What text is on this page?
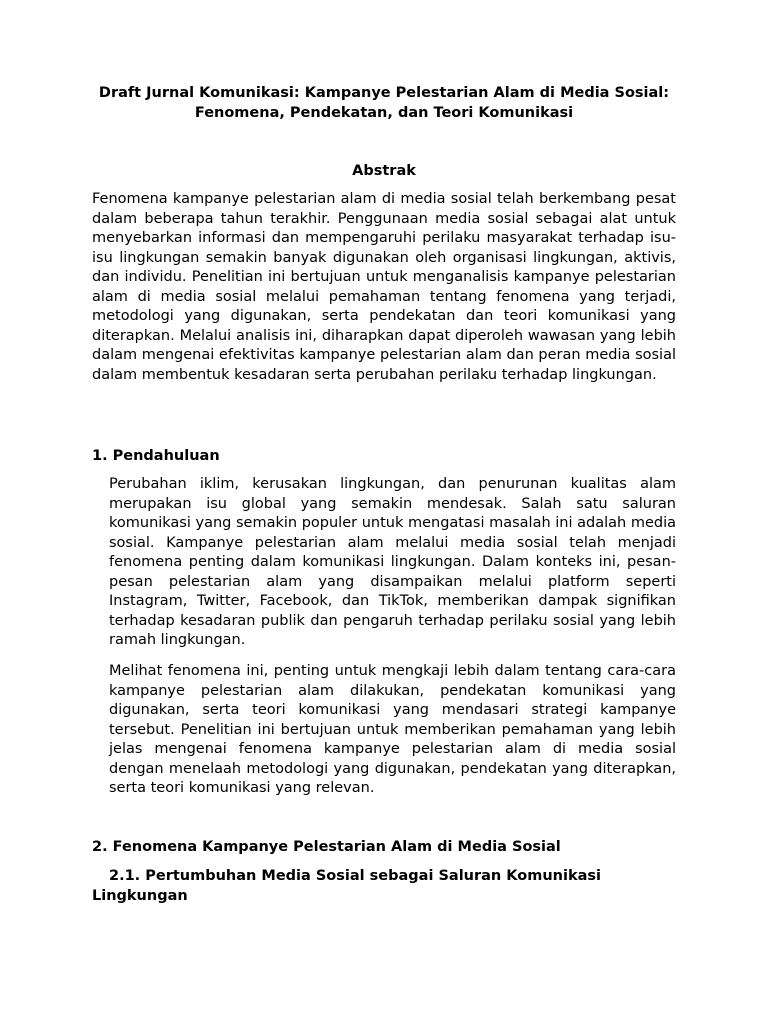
Draft Jurnal Komunikasi: Kampanye Pelestarian Alam di Media Sosial: Fenomena, Pendekatan, dan Teori Komunikasi
Abstrak

Fenomena kampanye pelestarian alam di media sosial telah berkembang pesat dalam beberapa tahun terakhir. Penggunaan media sosial sebagai alat untuk menyebarkan informasi dan mempengaruhi perilaku masyarakat terhadap isu-isu lingkungan semakin banyak digunakan oleh organisasi lingkungan, aktivis, dan individu. Penelitian ini bertujuan untuk menganalisis kampanye pelestarian alam di media sosial melalui pemahaman tentang fenomena yang terjadi, metodologi yang digunakan, serta pendekatan dan teori komunikasi yang diterapkan. Melalui analisis ini, diharapkan dapat diperoleh wawasan yang lebih dalam mengenai efektivitas kampanye pelestarian alam dan peran media sosial dalam membentuk kesadaran serta perubahan perilaku terhadap lingkungan.

1. Pendahuluan

Perubahan iklim, kerusakan lingkungan, dan penurunan kualitas alam merupakan isu global yang semakin mendesak. Salah satu saluran komunikasi yang semakin populer untuk mengatasi masalah ini adalah media sosial. Kampanye pelestarian alam melalui media sosial telah menjadi fenomena penting dalam komunikasi lingkungan. Dalam konteks ini, pesan-pesan pelestarian alam yang disampaikan melalui platform seperti Instagram, Twitter, Facebook, dan TikTok, memberikan dampak signifikan terhadap kesadaran publik dan pengaruh terhadap perilaku sosial yang lebih ramah lingkungan.

Melihat fenomena ini, penting untuk mengkaji lebih dalam tentang cara-cara kampanye pelestarian alam dilakukan, pendekatan komunikasi yang digunakan, serta teori komunikasi yang mendasari strategi kampanye tersebut. Penelitian ini bertujuan untuk memberikan pemahaman yang lebih jelas mengenai fenomena kampanye pelestarian alam di media sosial dengan menelaah metodologi yang digunakan, pendekatan yang diterapkan, serta teori komunikasi yang relevan.

2. Fenomena Kampanye Pelestarian Alam di Media Sosial
2.1. Pertumbuhan Media Sosial sebagai Saluran Komunikasi Lingkungan
